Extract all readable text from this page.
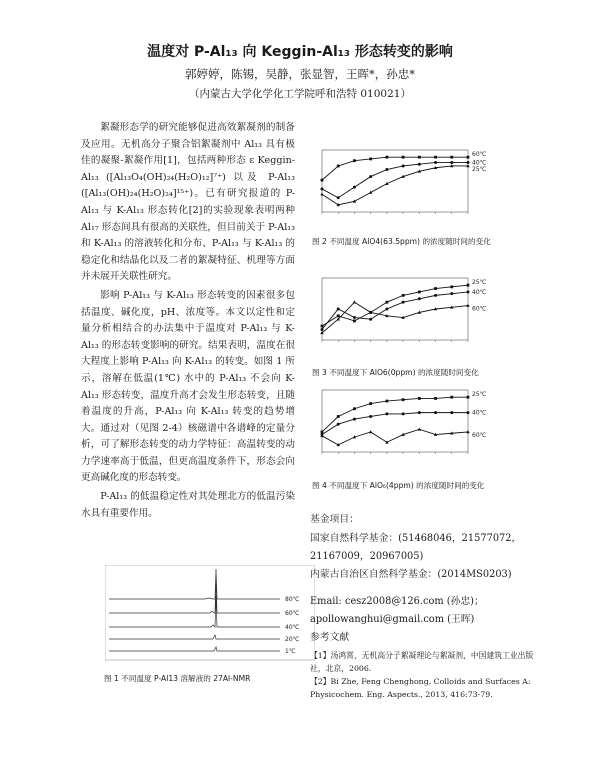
温度对 P-Al₁₃ 向 Keggin-Al₁₃ 形态转变的影响
郭婷婷，陈锡，吴静，张显智，王晖*，孙忠*
（内蒙古大学化学化工学院呼和浩特 010021）

絮凝形态学的研究能够促进高效絮凝剂的制备及应用。无机高分子聚合铝絮凝剂中 Al₁₃ 具有极佳的凝聚-絮凝作用[1]，包括两种形态 ε Keggin-Al₁₃ ([Al₁₃O₄(OH)₂₄(H₂O)₁₂]⁷⁺) 以及 P-Al₁₃ ([Al₁₃(OH)₂₄(H₂O)₂₄]¹⁵⁺)。已有研究报道的 P-Al₁₃ 与 K-Al₁₃ 形态转化[2]的实验现象表明两种 Al₁₇ 形态间具有很高的关联性，但目前关于 P-Al₁₃ 和 K-Al₁₃ 的溶液转化和分布、P-Al₁₃ 与 K-Al₁₃ 的稳定化和结晶化以及二者的絮凝特征、机理等方面并未展开关联性研究。

影响 P-Al₁₃ 与 K-Al₁₃ 形态转变的因素很多包括温度、碱化度，pH、浓度等。本文以定性和定量分析相结合的办法集中于温度对 P-Al₁₃ 与 K-Al₁₃ 的形态转变影响的研究。结果表明，温度在很大程度上影响 P-Al₁₃ 向 K-Al₁₃ 的转变。如图 1 所示，溶解在低温(1℃) 水中的 P-Al₁₃ 不会向 K-Al₁₃ 形态转变，温度升高才会发生形态转变，且随着温度的升高，P-Al₁₃ 向 K-Al₁₃ 转变的趋势增大。通过对（见图 2-4）核磁谱中各谱峰的定量分析，可了解形态转变的动力学特征：高温转变的动力学速率高于低温，但更高温度条件下，形态会向更高碱化度的形态转变。

P-Al₁₃ 的低温稳定性对其处理北方的低温污染水具有重要作用。

80℃
60℃
40℃
20℃
1℃
图 1 不同温度 P-Al13 溶解液的 27Al-NMR
60℃
40℃
25℃
图 2 不同温度 AlO4(63.5ppm) 的浓度随时间的变化
25℃
40℃
60℃
图 3 不同温度下 AlO6(0ppm) 的浓度随时间变化
25℃
40℃
60℃
图 4 不同温度下 AlO₆(4ppm) 的浓度随时间的变化
基金项目：
国家自然科学基金：(51468046，21577072，
21167009，20967005)
内蒙古自治区自然科学基金：(2014MS0203)
Email: cesz2008@126.com (孙忠)；
apollowanghui@gmail.com (王晖)
参考文献
【1】汤鸿霄，无机高分子絮凝理论与絮凝剂，中国建筑工业出版社，北京，2006.
【2】Bi Zhe, Feng Chenghong, Colloids and Surfaces A: Physicochem. Eng. Aspects., 2013, 416:73-79.
